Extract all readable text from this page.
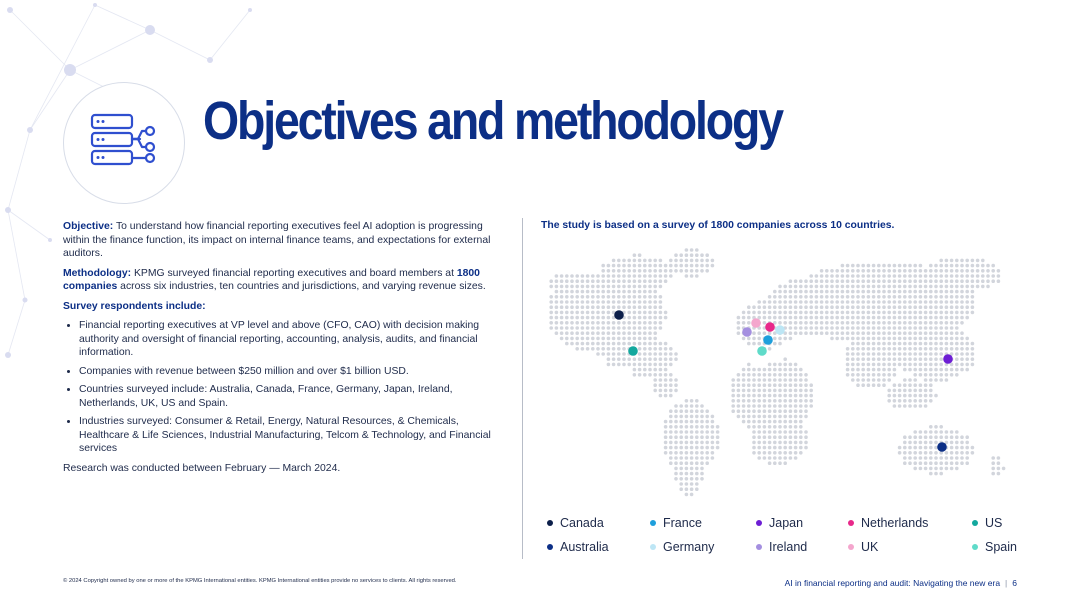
Objectives and methodology

Objective: To understand how financial reporting executives feel AI adoption is progressing within the finance function, its impact on internal finance teams, and expectations for external auditors.

Methodology: KPMG surveyed financial reporting executives and board members at 1800 companies across six industries, ten countries and jurisdictions, and varying revenue sizes.

Survey respondents include:

• Financial reporting executives at VP level and above (CFO, CAO) with decision making authority and oversight of financial reporting, accounting, analysis, audits, and financial information.
• Companies with revenue between $250 million and over $1 billion USD.
• Countries surveyed include: Australia, Canada, France, Germany, Japan, Ireland, Netherlands, UK, US and Spain.
• Industries surveyed: Consumer & Retail, Energy, Natural Resources, & Chemicals, Healthcare & Life Sciences, Industrial Manufacturing, Telcom & Technology, and Financial services

Research was conducted between February — March 2024.

The study is based on a survey of 1800 companies across 10 countries.

Canada	France	Japan	Netherlands	US
Australia	Germany	Ireland	UK	Spain
© 2024 Copyright owned by one or more of the KPMG International entities. KPMG International entities provide no services to clients. All rights reserved.	AI in financial reporting and audit: Navigating the new era | 6
